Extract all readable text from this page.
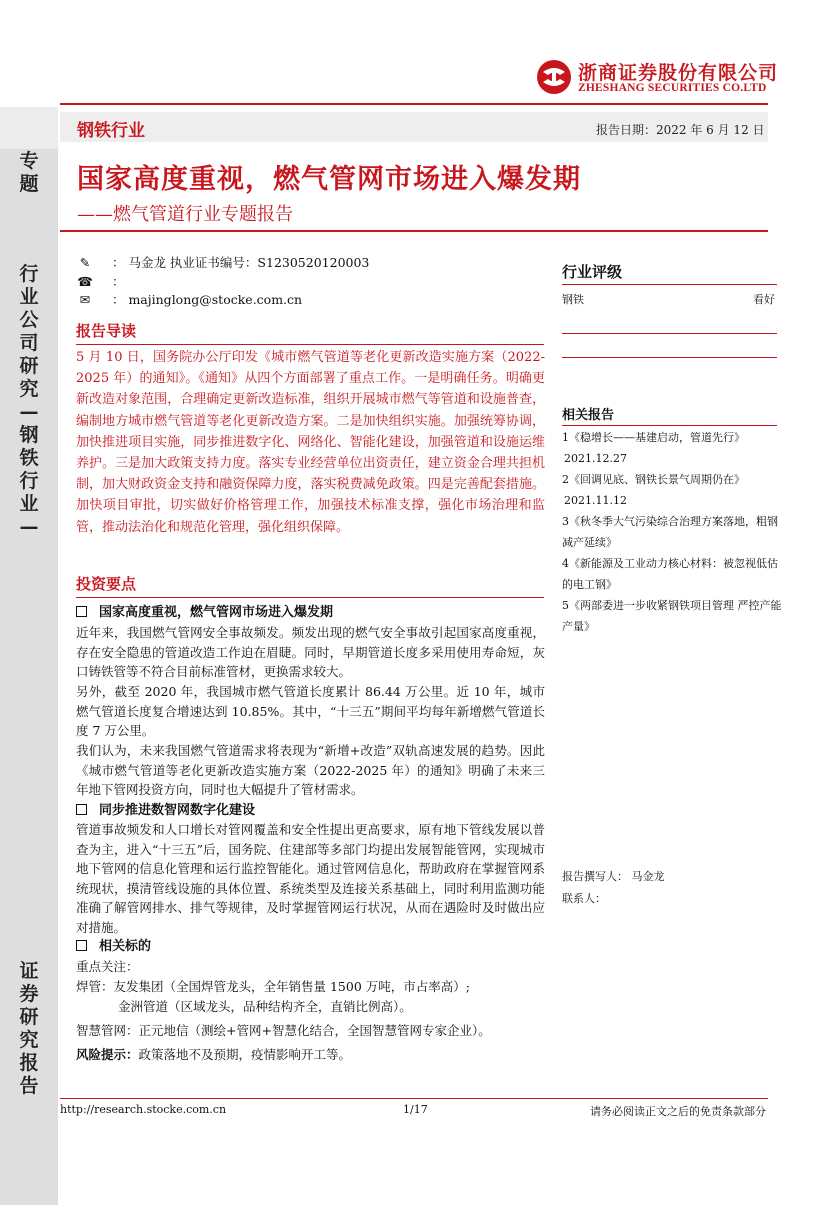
浙商证券股份有限公司
ZHESHANG SECURITIES CO.LTD
专
题
行
业
公
司
研
究
—
钢
铁
行
业
—
证
券
研
究
报
告
钢铁行业	报告日期：2022 年 6 月 12 日
国家高度重视，燃气管网市场进入爆发期
——燃气管道行业专题报告
✎ ： 马金龙 执业证书编号：S1230520120003
☎ ：
✉ ： majinglong@stocke.com.cn
报告导读
5 月 10 日，国务院办公厅印发《城市燃气管道等老化更新改造实施方案（2022-2025 年）的通知》。《通知》从四个方面部署了重点工作。一是明确任务。明确更新改造对象范围，合理确定更新改造标准，组织开展城市燃气等管道和设施普查，编制地方城市燃气管道等老化更新改造方案。二是加快组织实施。加强统筹协调，加快推进项目实施，同步推进数字化、网络化、智能化建设，加强管道和设施运维养护。三是加大政策支持力度。落实专业经营单位出资责任，建立资金合理共担机制，加大财政资金支持和融资保障力度，落实税费减免政策。四是完善配套措施。加快项目审批，切实做好价格管理工作，加强技术标准支撑，强化市场治理和监管，推动法治化和规范化管理，强化组织保障。
投资要点
国家高度重视，燃气管网市场进入爆发期
近年来，我国燃气管网安全事故频发。频发出现的燃气安全事故引起国家高度重视，存在安全隐患的管道改造工作迫在眉睫。同时，早期管道长度多采用使用寿命短，灰口铸铁管等不符合目前标准管材，更换需求较大。
另外，截至 2020 年，我国城市燃气管道长度累计 86.44 万公里。近 10 年，城市燃气管道长度复合增速达到 10.85%。其中，“十三五”期间平均每年新增燃气管道长度 7 万公里。
我们认为，未来我国燃气管道需求将表现为“新增+改造”双轨高速发展的趋势。因此《城市燃气管道等老化更新改造实施方案（2022-2025 年）的通知》明确了未来三年地下管网投资方向，同时也大幅提升了管材需求。
同步推进数智网数字化建设
管道事故频发和人口增长对管网覆盖和安全性提出更高要求，原有地下管线发展以普查为主，进入“十三五”后，国务院、住建部等多部门均提出发展智能管网，实现城市地下管网的信息化管理和运行监控智能化。通过管网信息化，帮助政府在掌握管网系统现状，摸清管线设施的具体位置、系统类型及连接关系基础上，同时利用监测功能准确了解管网排水、排气等规律，及时掌握管网运行状况，从而在遇险时及时做出应对措施。
相关标的
重点关注：
焊管：友发集团（全国焊管龙头，全年销售量 1500 万吨，市占率高）;
金洲管道（区域龙头，品种结构齐全，直销比例高）。
智慧管网：正元地信（测绘+管网+智慧化结合，全国智慧管网专家企业）。
风险提示：政策落地不及预期，疫情影响开工等。
行业评级
钢铁	看好
相关报告
1《稳增长——基建启动，管道先行》
2021.12.27
2《回调见底、钢铁长景气周期仍在》
2021.11.12
3《秋冬季大气污染综合治理方案落地，粗钢减产延续》
4《新能源及工业动力核心材料：被忽视低估的电工钢》
5《两部委进一步收紧钢铁项目管理 严控产能产量》
报告撰写人： 马金龙
联系人：
http://research.stocke.com.cn	1/17	请务必阅读正文之后的免责条款部分
